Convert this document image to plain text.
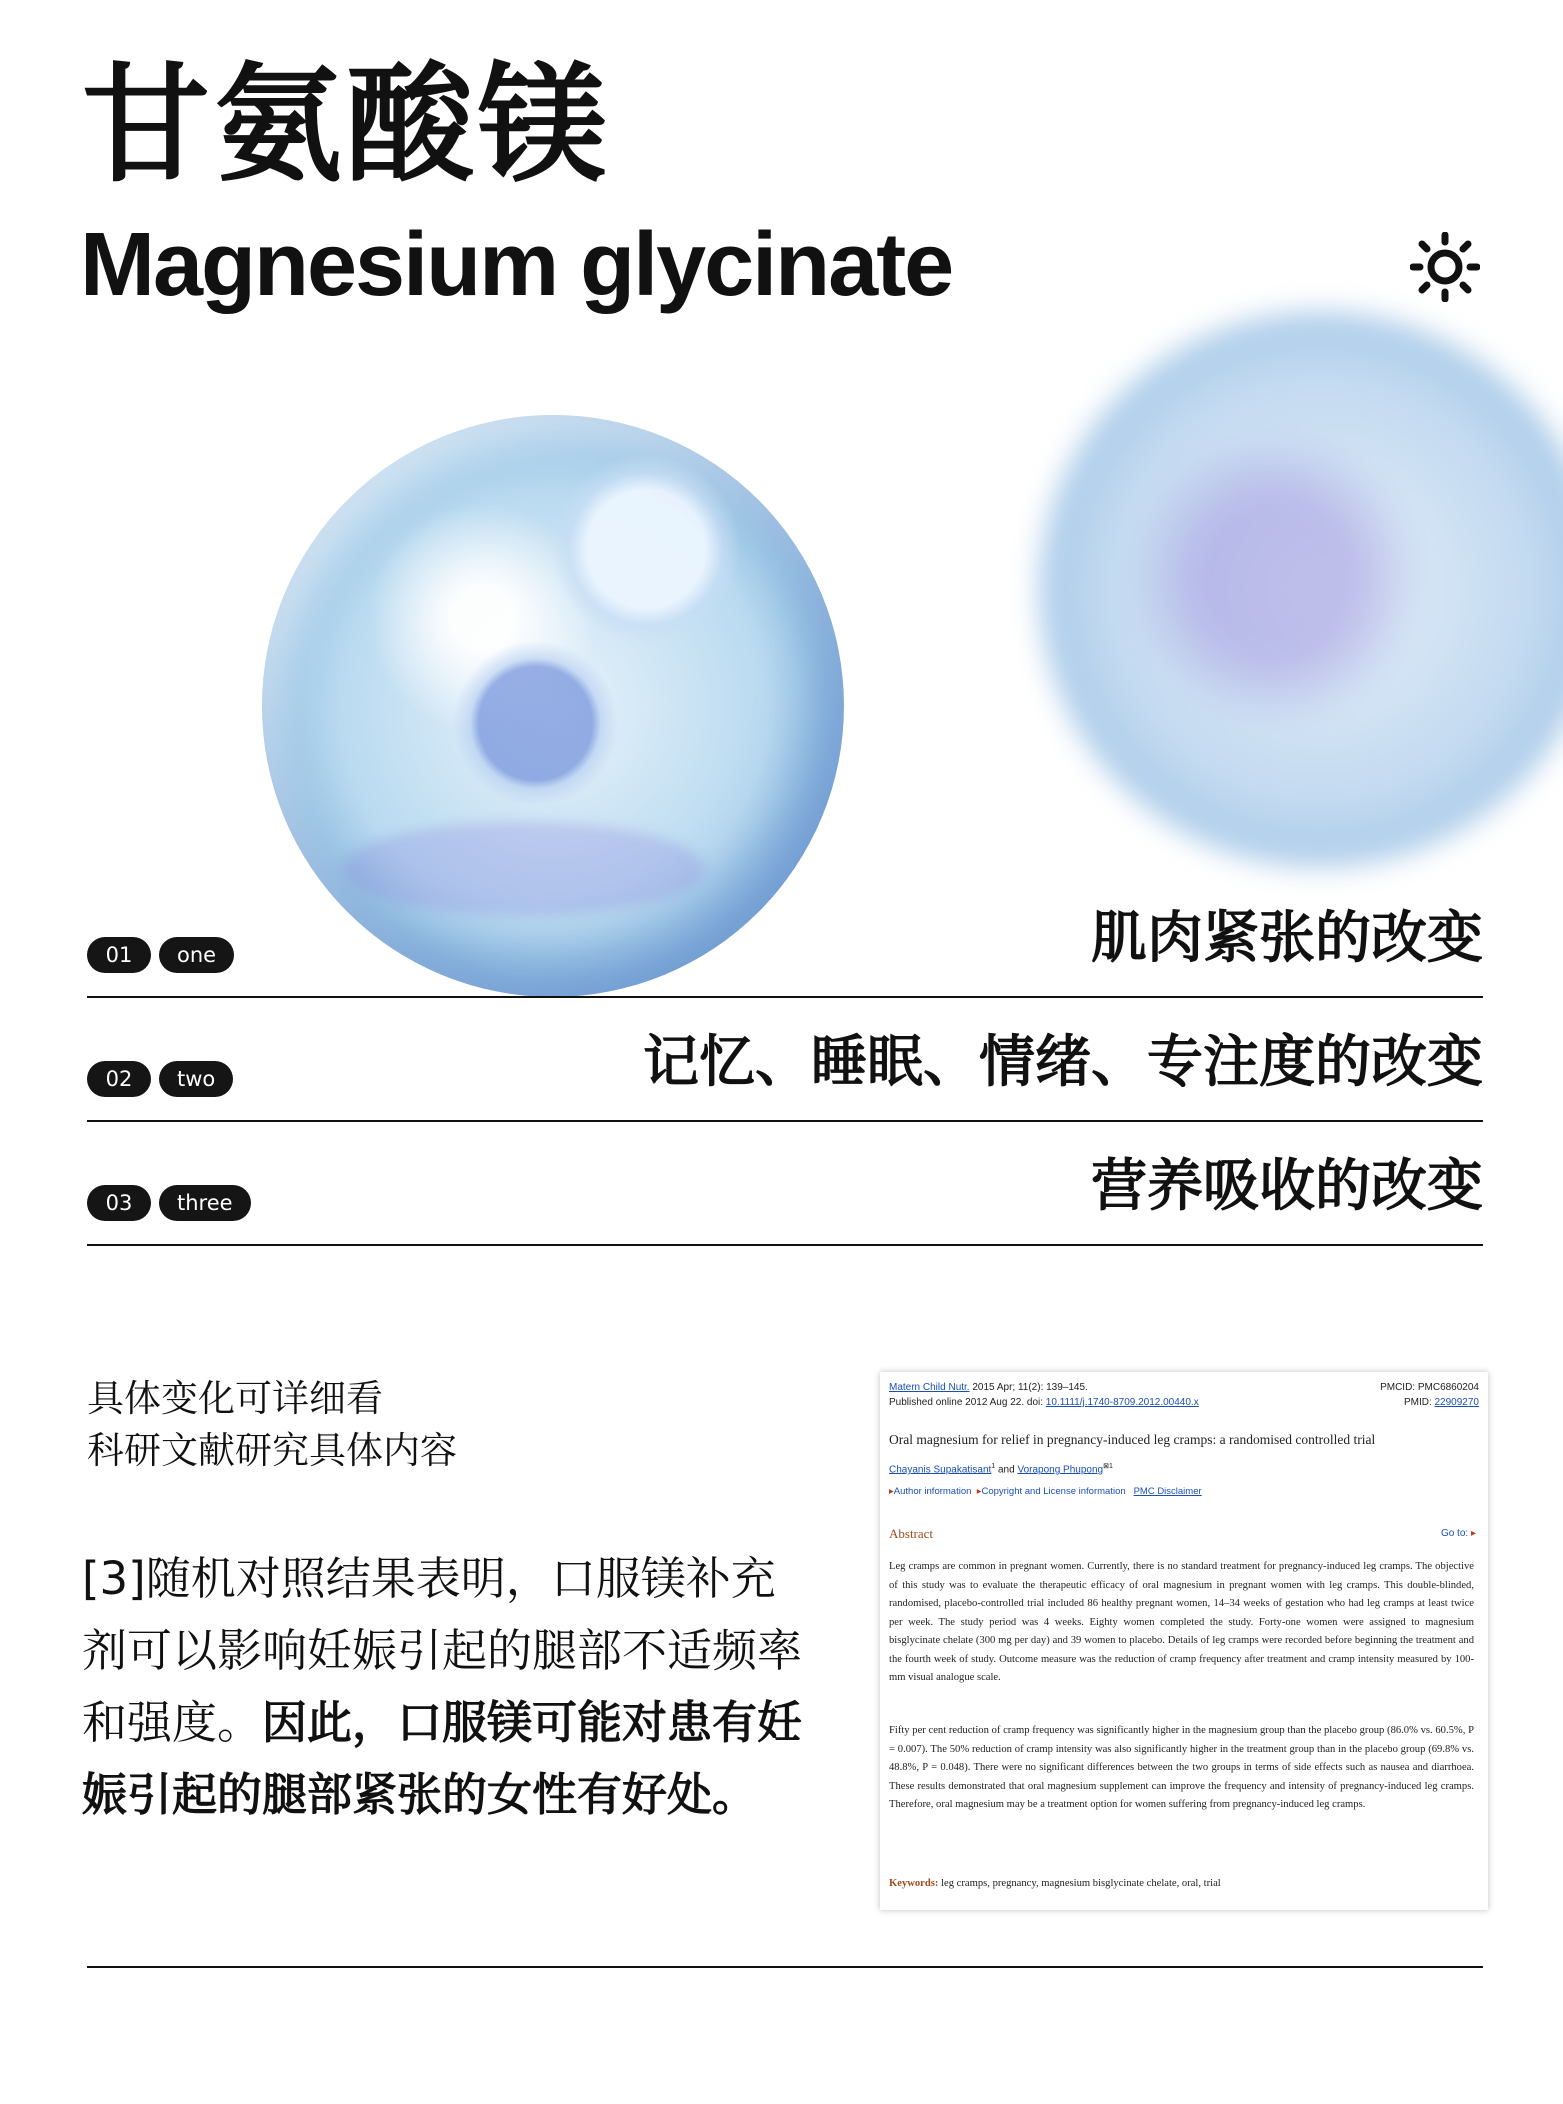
甘氨酸镁
Magnesium glycinate
01	one	肌肉紧张的改变
02	two	记忆、睡眠、情绪、专注度的改变
03	three	营养吸收的改变
具体变化可详细看
科研文献研究具体内容
[3]随机对照结果表明，口服镁补充剂可以影响妊娠引起的腿部不适频率和强度。因此，口服镁可能对患有妊娠引起的腿部紧张的女性有好处。
Matern Child Nutr. 2015 Apr; 11(2): 139–145.
Published online 2012 Aug 22. doi: 10.1111/j.1740-8709.2012.00440.x
PMCID: PMC6860204
PMID: 22909270
Oral magnesium for relief in pregnancy-induced leg cramps: a randomised controlled trial
Chayanis Supakatisant$^1$ and Vorapong Phupong$^{⊠1}$
▸Author information ▸Copyright and License information PMC Disclaimer
Abstract	Go to: ▸
Leg cramps are common in pregnant women. Currently, there is no standard treatment for pregnancy-induced leg cramps. The objective of this study was to evaluate the therapeutic efficacy of oral magnesium in pregnant women with leg cramps. This double-blinded, randomised, placebo-controlled trial included 86 healthy pregnant women, 14–34 weeks of gestation who had leg cramps at least twice per week. The study period was 4 weeks. Eighty women completed the study. Forty-one women were assigned to magnesium bisglycinate chelate (300 mg per day) and 39 women to placebo. Details of leg cramps were recorded before beginning the treatment and the fourth week of study. Outcome measure was the reduction of cramp frequency after treatment and cramp intensity measured by 100-mm visual analogue scale.
Fifty per cent reduction of cramp frequency was significantly higher in the magnesium group than the placebo group (86.0% vs. 60.5%, P = 0.007). The 50% reduction of cramp intensity was also significantly higher in the treatment group than in the placebo group (69.8% vs. 48.8%, P = 0.048). There were no significant differences between the two groups in terms of side effects such as nausea and diarrhoea. These results demonstrated that oral magnesium supplement can improve the frequency and intensity of pregnancy-induced leg cramps. Therefore, oral magnesium may be a treatment option for women suffering from pregnancy-induced leg cramps.
Keywords: leg cramps, pregnancy, magnesium bisglycinate chelate, oral, trial
